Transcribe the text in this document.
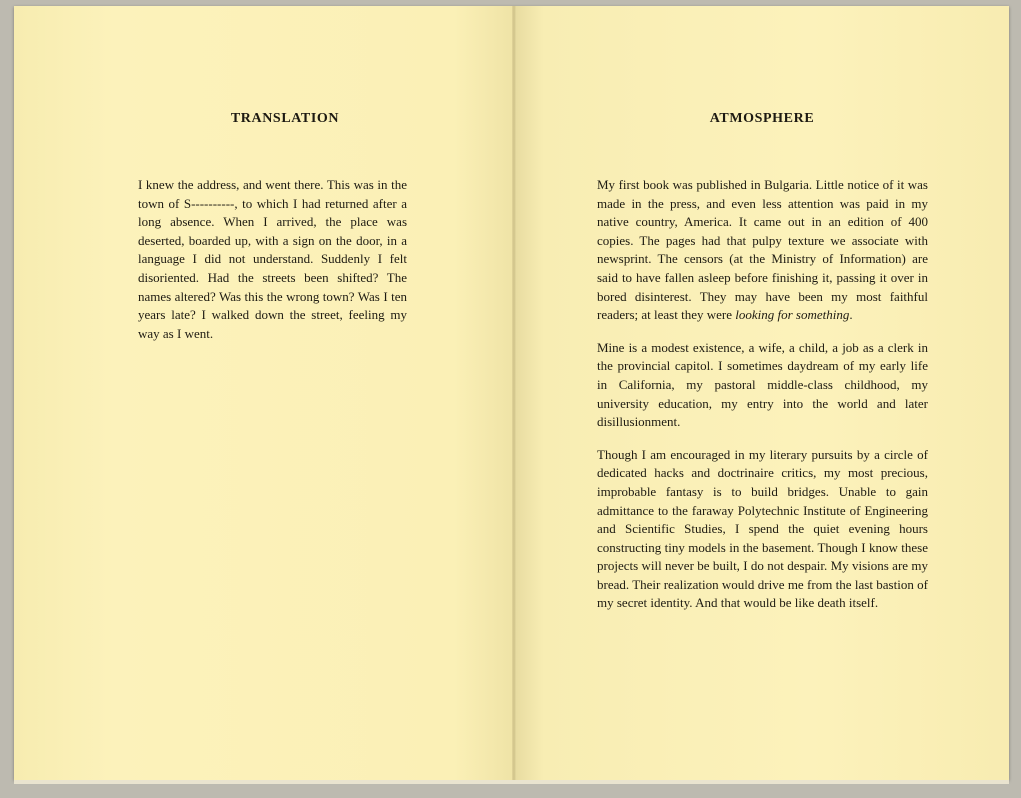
TRANSLATION

I knew the address, and went there. This was in the town of S----------, to which I had returned after a long absence. When I arrived, the place was deserted, boarded up, with a sign on the door, in a language I did not understand. Suddenly I felt disoriented. Had the streets been shifted? The names altered? Was this the wrong town? Was I ten years late? I walked down the street, feeling my way as I went.

ATMOSPHERE

My first book was published in Bulgaria. Little notice of it was made in the press, and even less attention was paid in my native country, America. It came out in an edition of 400 copies. The pages had that pulpy texture we associate with newsprint. The censors (at the Ministry of Information) are said to have fallen asleep before finishing it, passing it over in bored disinterest. They may have been my most faithful readers; at least they were looking for something.

Mine is a modest existence, a wife, a child, a job as a clerk in the provincial capitol. I sometimes daydream of my early life in California, my pastoral middle-class childhood, my university education, my entry into the world and later disillusionment.

Though I am encouraged in my literary pursuits by a circle of dedicated hacks and doctrinaire critics, my most precious, improbable fantasy is to build bridges. Unable to gain admittance to the faraway Polytechnic Institute of Engineering and Scientific Studies, I spend the quiet evening hours constructing tiny models in the basement. Though I know these projects will never be built, I do not despair. My visions are my bread. Their realization would drive me from the last bastion of my secret identity. And that would be like death itself.
